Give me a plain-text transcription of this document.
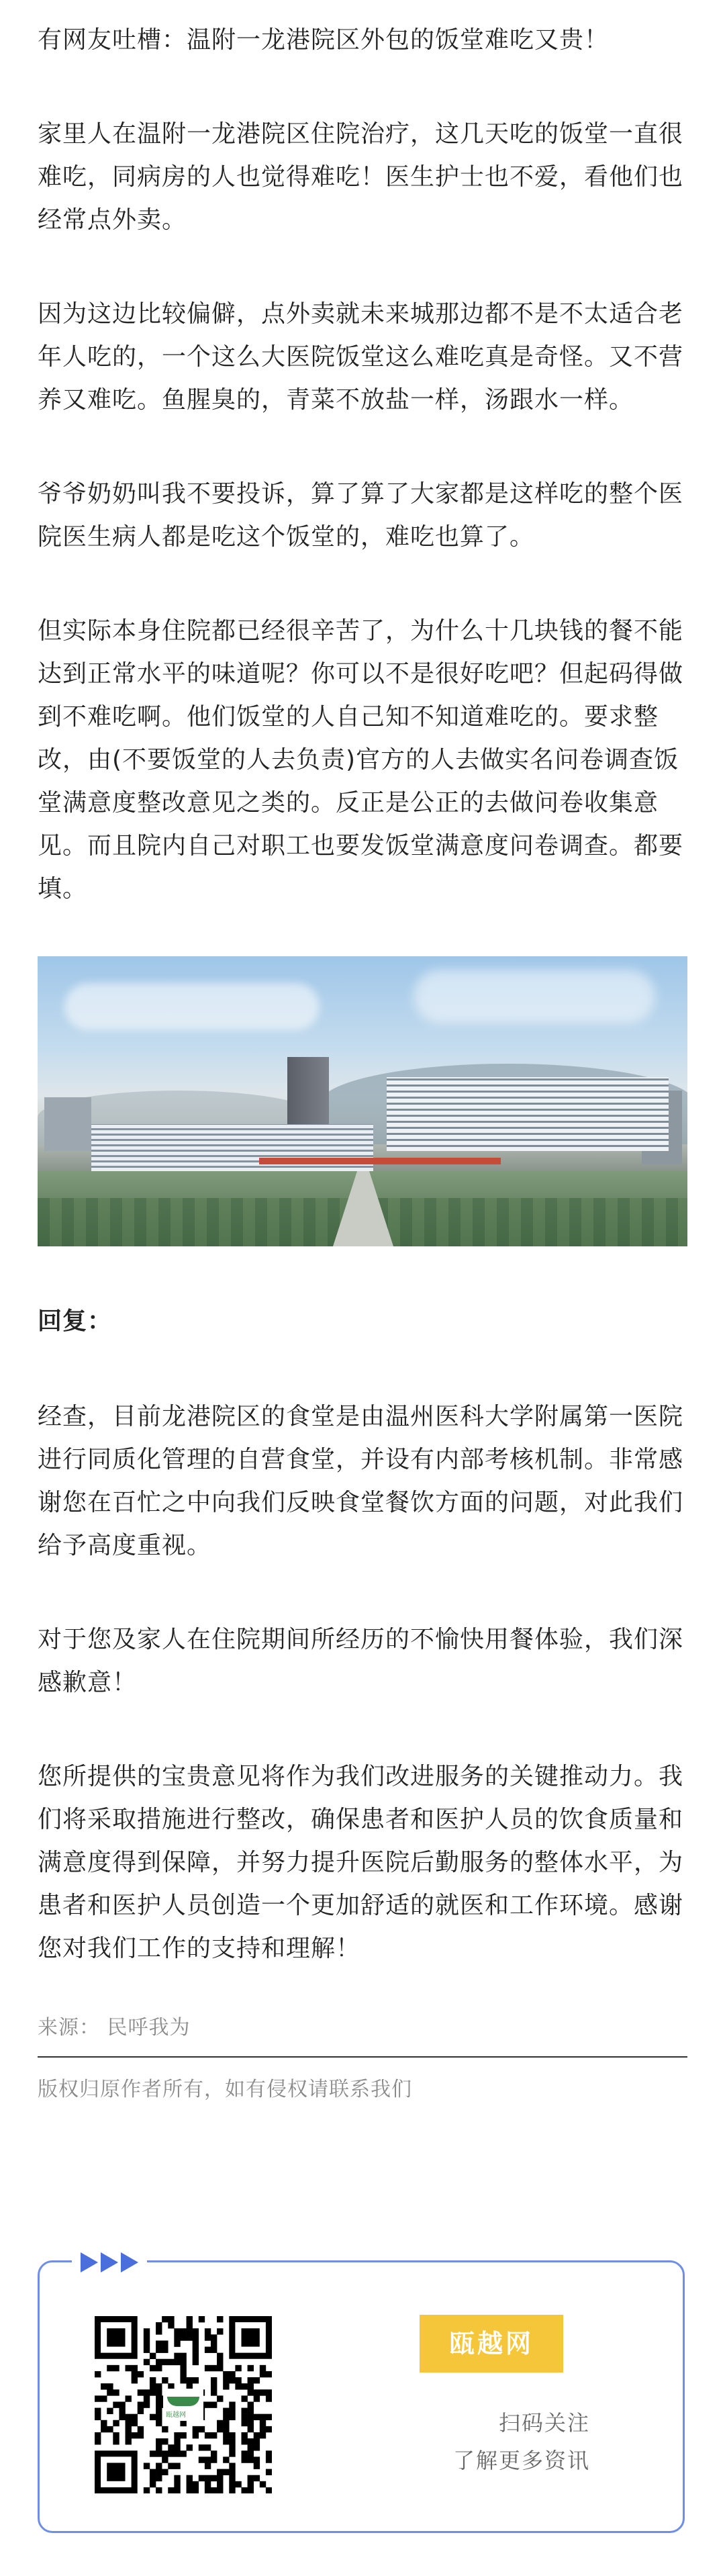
有网友吐槽：温附一龙港院区外包的饭堂难吃又贵！

家里人在温附一龙港院区住院治疗，这几天吃的饭堂一直很难吃，同病房的人也觉得难吃！医生护士也不爱，看他们也经常点外卖。

因为这边比较偏僻，点外卖就未来城那边都不是不太适合老年人吃的，一个这么大医院饭堂这么难吃真是奇怪。又不营养又难吃。鱼腥臭的，青菜不放盐一样，汤跟水一样。

爷爷奶奶叫我不要投诉，算了算了大家都是这样吃的整个医院医生病人都是吃这个饭堂的，难吃也算了。

但实际本身住院都已经很辛苦了，为什么十几块钱的餐不能达到正常水平的味道呢？你可以不是很好吃吧？但起码得做到不难吃啊。他们饭堂的人自己知不知道难吃的。要求整改，由(不要饭堂的人去负责)官方的人去做实名问卷调查饭堂满意度整改意见之类的。反正是公正的去做问卷收集意见。而且院内自己对职工也要发饭堂满意度问卷调查。都要填。

回复：

经查，目前龙港院区的食堂是由温州医科大学附属第一医院进行同质化管理的自营食堂，并设有内部考核机制。非常感谢您在百忙之中向我们反映食堂餐饮方面的问题，对此我们给予高度重视。

对于您及家人在住院期间所经历的不愉快用餐体验，我们深感歉意！

您所提供的宝贵意见将作为我们改进服务的关键推动力。我们将采取措施进行整改，确保患者和医护人员的饮食质量和满意度得到保障，并努力提升医院后勤服务的整体水平，为患者和医护人员创造一个更加舒适的就医和工作环境。感谢您对我们工作的支持和理解！

来源： 民呼我为
版权归原作者所有，如有侵权请联系我们
瓯越网
瓯越网
扫码关注
了解更多资讯
